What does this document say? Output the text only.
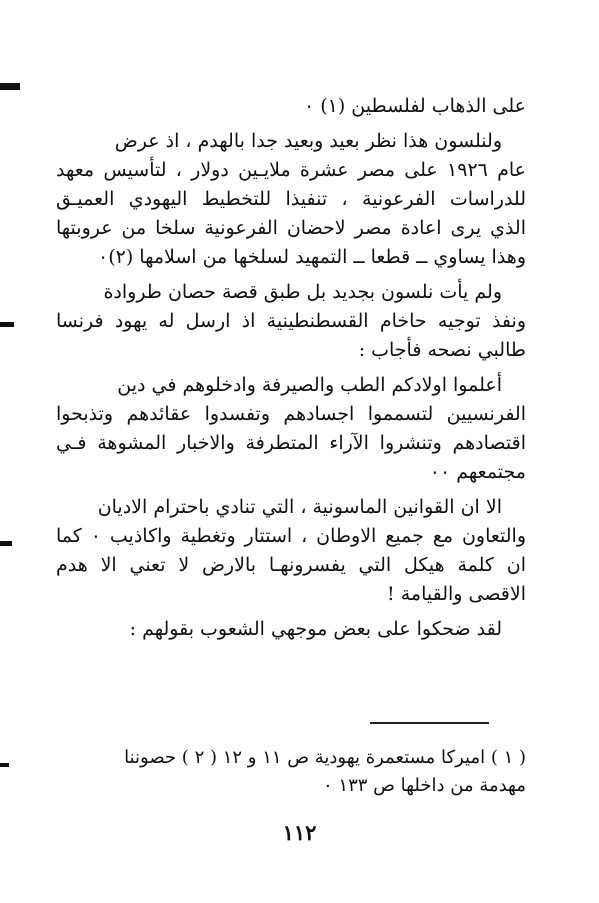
على الذهاب لفلسطين (١) ٠

ولنلسون هذا نظر بعيد وبعيد جدا بالهدم ، اذ عرض

عام ١٩٢٦ على مصر عشرة ملايـين دولار ، لتأسيس معهد

للدراسات الفرعونية ، تنفيذا للتخطيط اليهودي العميـق

الذي يرى اعادة مصر لاحضان الفرعونية سلخا من عروبتها

وهذا يساوي ــ قطعا ــ التمهيد لسلخها من اسلامها (٢)٠

ولم يأت نلسون بجديد بل طبق قصة حصان طروادة

ونفذ توجيه حاخام القسطنطينية اذ ارسل له يهود فرنسا

طالبي نصحه فأجاب :

أعلموا اولادكم الطب والصيرفة وادخلوهم في دين

الفرنسيين لتسمموا اجسادهم وتفسدوا عقائدهم وتذبحوا

اقتصادهم وتنشروا الآراء المتطرفة والاخبار المشوهة فـي

مجتمعهم ٠٠

الا ان القوانين الماسونية ، التي تنادي باحترام الاديان

والتعاون مع جميع الاوطان ، استتار وتغطية واكاذيب ٠ كما

ان كلمة هيكل التي يفسرونهـا بالارض لا تعني الا هدم

الاقصى والقيامة !

لقد ضحكوا على بعض موجهي الشعوب بقولهم :

( ١ ) اميركا مستعمرة يهودية ص ١١ و ١٢ ( ٢ ) حصوننا

مهدمة من داخلها ص ١٣٣ ٠

١١٢
